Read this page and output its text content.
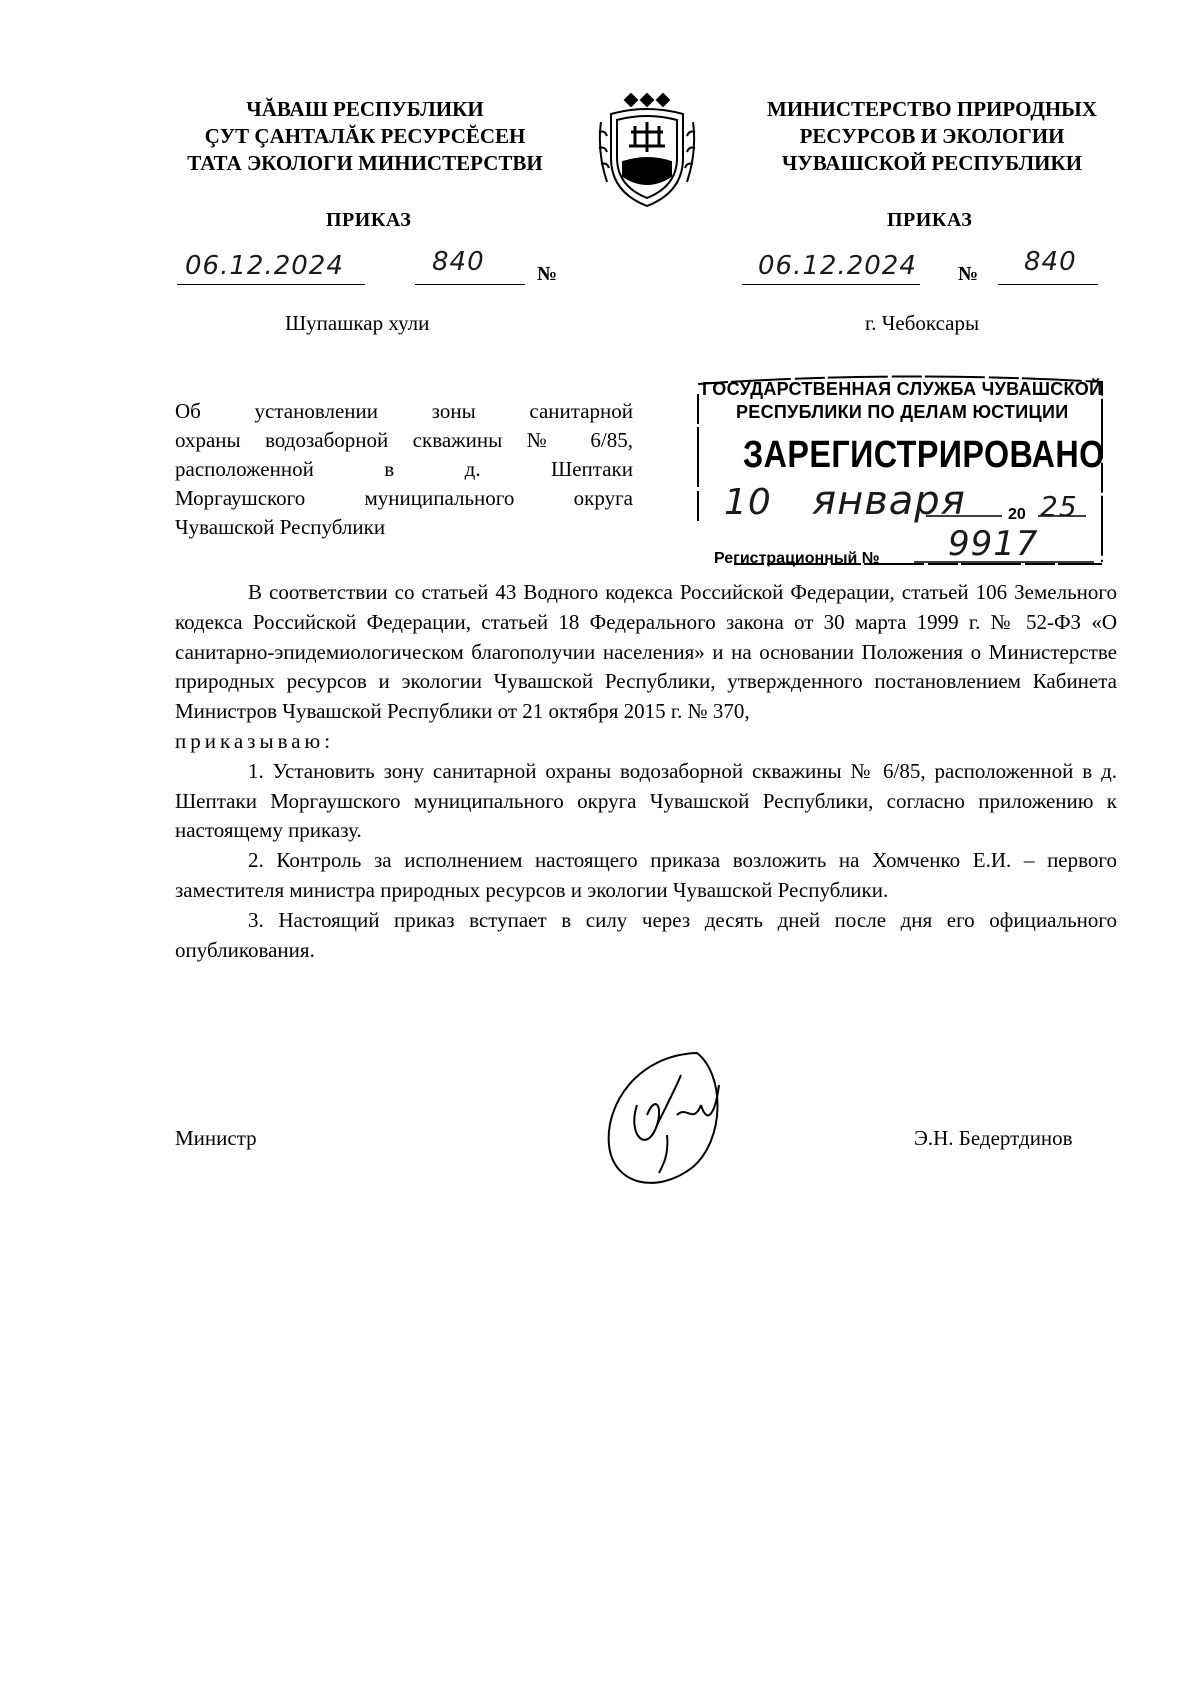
ЧĂВАШ РЕСПУБЛИКИ
ÇУТ ÇАНТАЛĂК РЕСУРСĔСЕН
ТАТА ЭКОЛОГИ МИНИСТЕРСТВИ
МИНИСТЕРСТВО ПРИРОДНЫХ
РЕСУРСОВ И ЭКОЛОГИИ
ЧУВАШСКОЙ РЕСПУБЛИКИ
ПРИКАЗ	ПРИКАЗ
06.12.2024	840	№	06.12.2024 № 840
Шупашкар хули	г. Чебоксары
Об установлении зоны санитарной
охраны водозаборной скважины № 6/85,
расположенной в д. Шептаки
Моргаушского муниципального округа
Чувашской Республики
ГОСУДАРСТВЕННАЯ СЛУЖБА ЧУВАШСКОЙ
РЕСПУБЛИКИ ПО ДЕЛАМ ЮСТИЦИИ
ЗАРЕГИСТРИРОВАНО
10 января	20 25
Регистрационный № 9917

В соответствии со статьей 43 Водного кодекса Российской Федерации, статьей 106 Земельного кодекса Российской Федерации, статьей 18 Федерального закона от 30 марта 1999 г. № 52-ФЗ «О санитарно-эпидемиологическом благополучии населения» и на основании Положения о Министерстве природных ресурсов и экологии Чувашской Республики, утвержденного постановлением Кабинета Министров Чувашской Республики от 21 октября 2015 г. № 370,

приказываю:

1. Установить зону санитарной охраны водозаборной скважины № 6/85, расположенной в д. Шептаки Моргаушского муниципального округа Чувашской Республики, согласно приложению к настоящему приказу.

2. Контроль за исполнением настоящего приказа возложить на Хомченко Е.И. – первого заместителя министра природных ресурсов и экологии Чувашской Республики.

3. Настоящий приказ вступает в силу через десять дней после дня его официального опубликования.

Министр	Э.Н. Бедертдинов
